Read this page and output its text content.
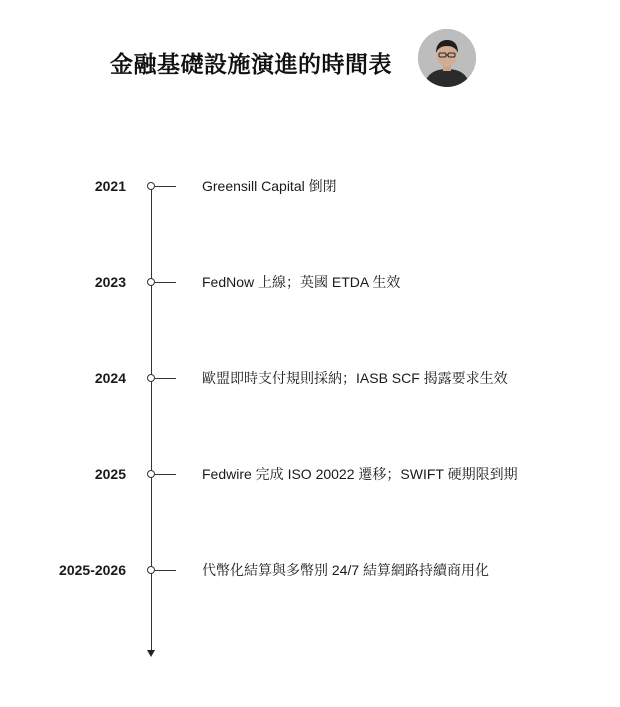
金融基礎設施演進的時間表
2021	Greensill Capital 倒閉
2023	FedNow 上線；英國 ETDA 生效
2024	歐盟即時支付規則採納；IASB SCF 揭露要求生效
2025	Fedwire 完成 ISO 20022 遷移；SWIFT 硬期限到期
2025-2026	代幣化結算與多幣別 24/7 結算網路持續商用化
